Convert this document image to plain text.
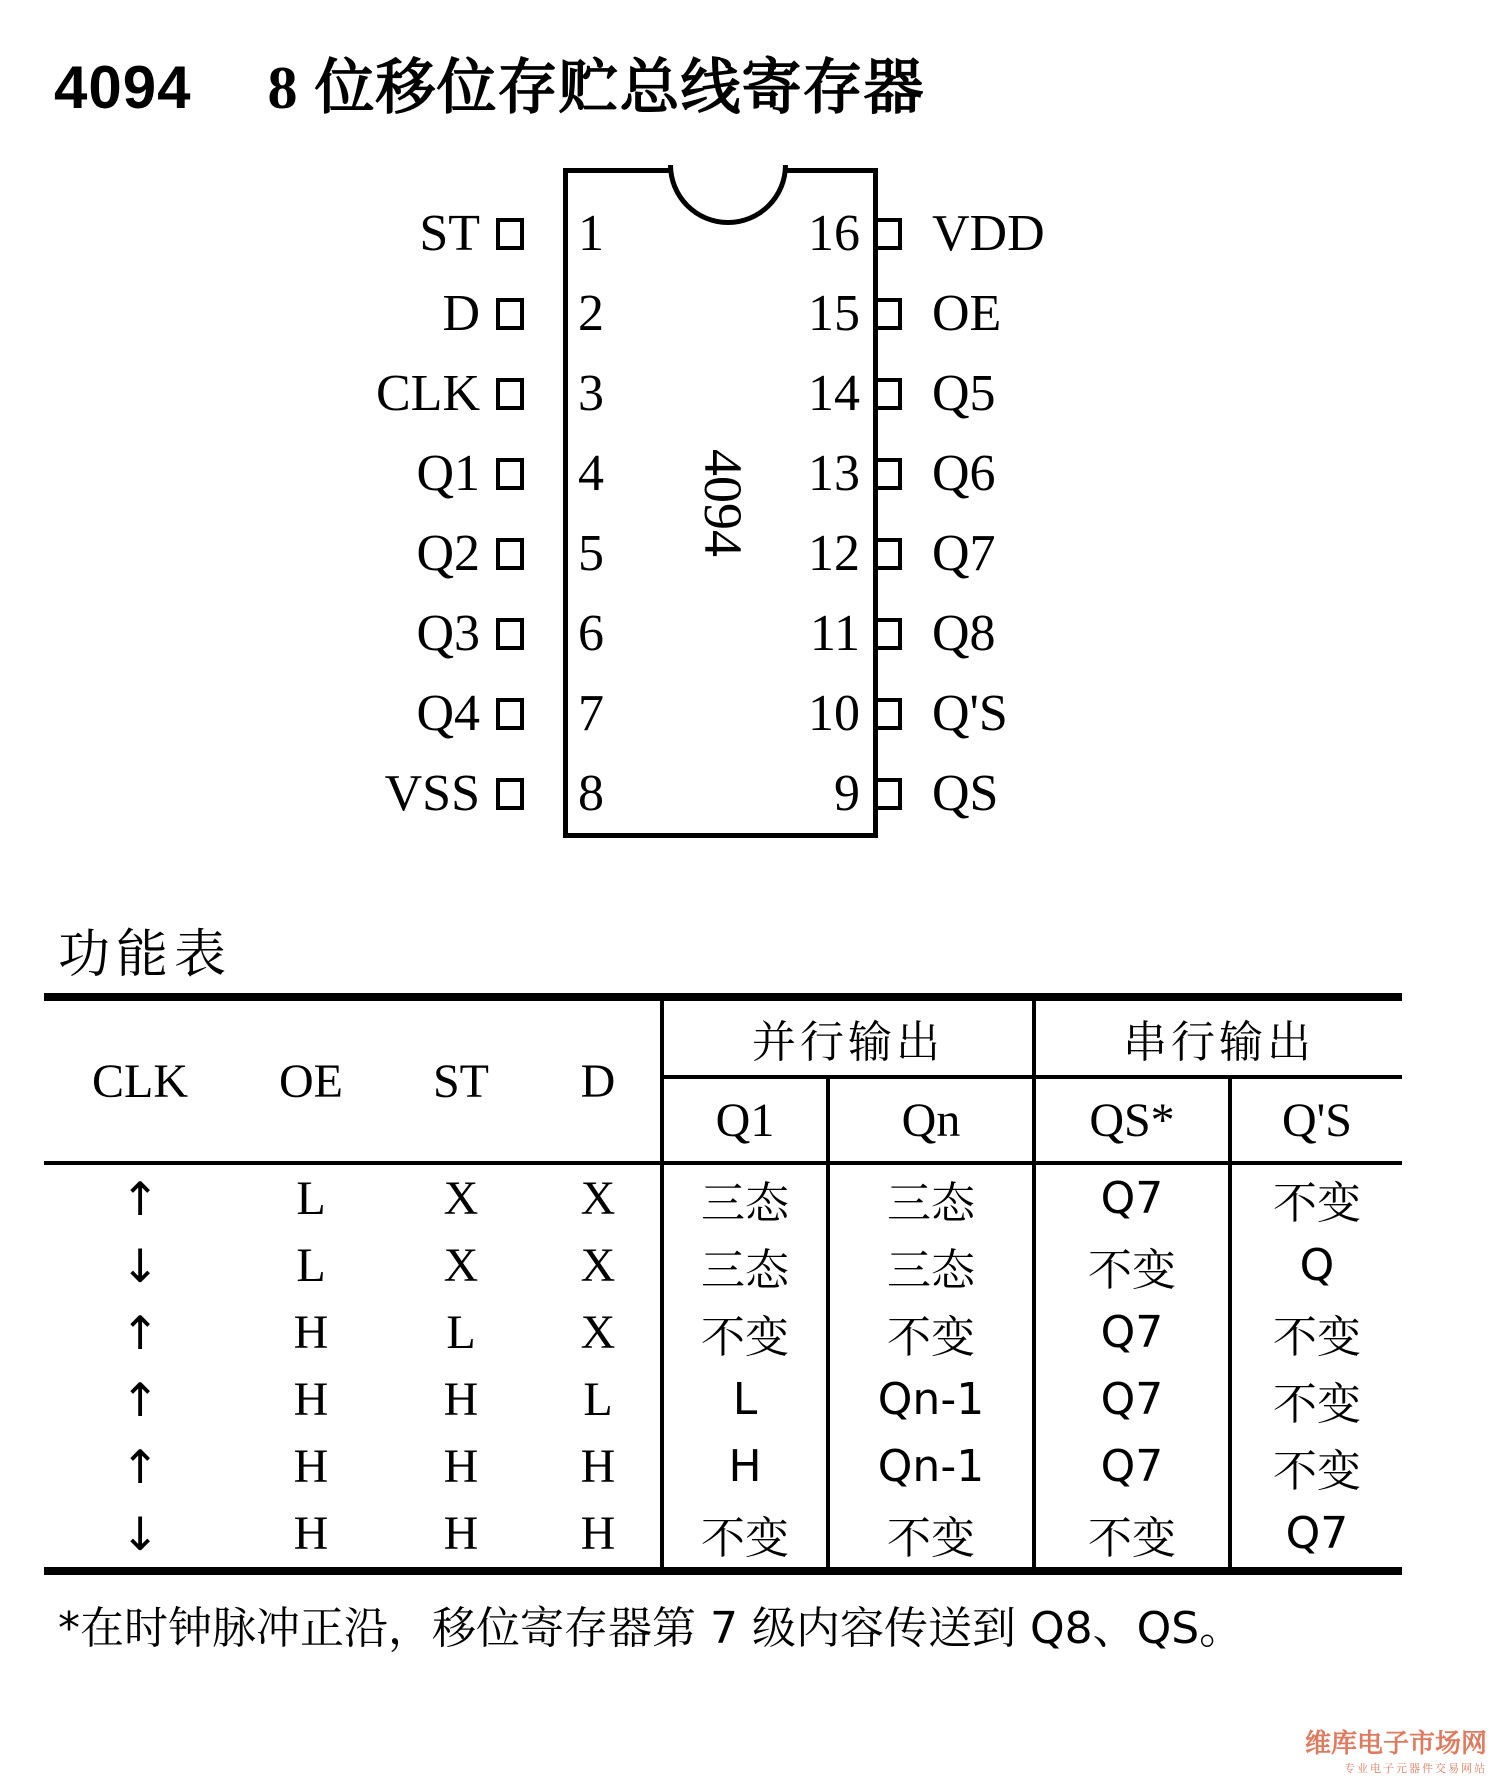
4094 8 位移位存贮总线寄存器
4094
ST 1
D 2
CLK 3
Q1 4
Q2 5
Q3 6
Q4 7
VSS 8
16 VDD
15 OE
14 Q5
13 Q6
12 Q7
11 Q8
10 Q'S
9 QS
功能表
CLK	OE	ST	D	并行输出		串行输出	
				Q1	Qn	QS*	Q'S
↑	L	X	X	三态	三态	Q7	不变
↓	L	X	X	三态	三态	不变	Q
↑	H	L	X	不变	不变	Q7	不变
↑	H	H	L	L	Qn-1	Q7	不变
↑	H	H	H	H	Qn-1	Q7	不变
↓	H	H	H	不变	不变	不变	Q7
*在时钟脉冲正沿，移位寄存器第 7 级内容传送到 Q8、QS。
维库电子市场网
专业电子元器件交易网站
